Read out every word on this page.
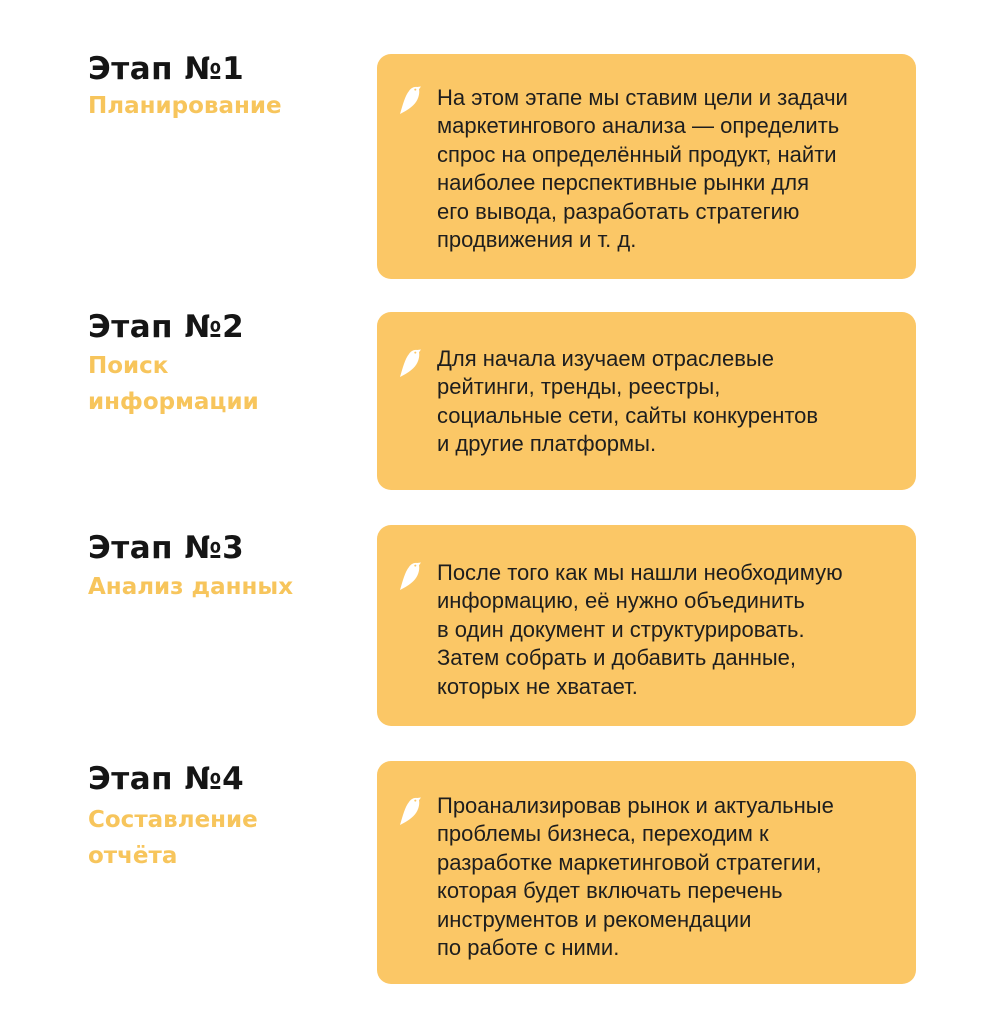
Этап №1
Планирование	На этом этапе мы ставим цели и задачи
маркетингового анализа — определить
спрос на определённый продукт, найти
наиболее перспективные рынки для
его вывода, разработать стратегию
продвижения и т. д.
Этап №2
Поиск информации
Для начала изучаем отраслевые
рейтинги, тренды, реестры,
социальные сети, сайты конкурентов
и другие платформы.
Этап №3
Анализ данных
После того как мы нашли необходимую
информацию, её нужно объединить
в один документ и структурировать.
Затем собрать и добавить данные,
которых не хватает.
Этап №4
Составление отчёта
Проанализировав рынок и актуальные
проблемы бизнеса, переходим к
разработке маркетинговой стратегии,
которая будет включать перечень
инструментов и рекомендации
по работе с ними.
